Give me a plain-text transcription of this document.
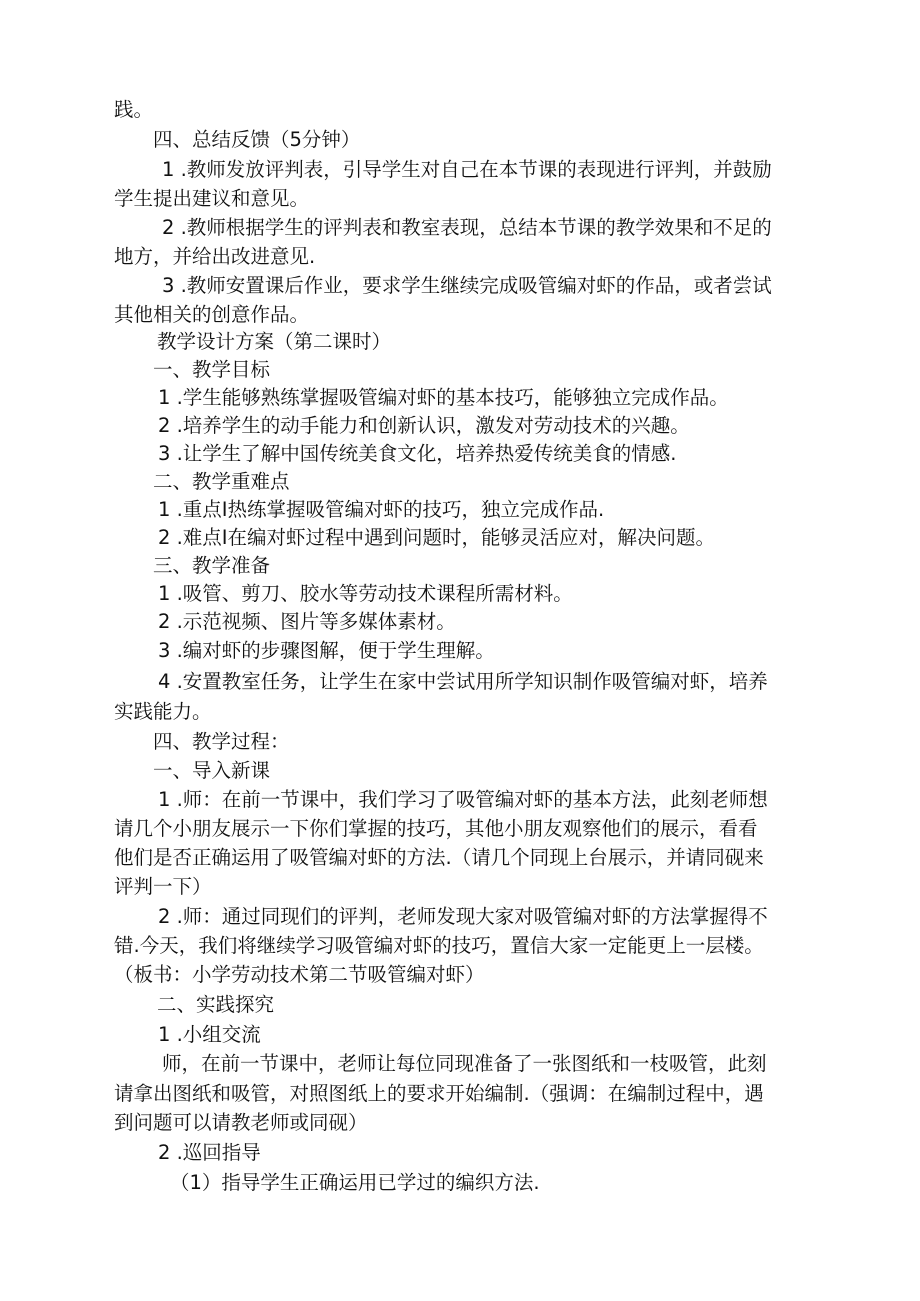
践。
四、总结反馈（5分钟）
1 .教师发放评判表，引导学生对自己在本节课的表现进行评判，并鼓励
学生提出建议和意见。
2 .教师根据学生的评判表和教室表现，总结本节课的教学效果和不足的
地方，并给出改进意见.
3 .教师安置课后作业，要求学生继续完成吸管编对虾的作品，或者尝试
其他相关的创意作品。
教学设计方案（第二课时）
一、教学目标
1 .学生能够熟练掌握吸管编对虾的基本技巧，能够独立完成作品。
2 .培养学生的动手能力和创新认识，激发对劳动技术的兴趣。
3 .让学生了解中国传统美食文化，培养热爱传统美食的情感.
二、教学重难点
1 .重点I热练掌握吸管编对虾的技巧，独立完成作品.
2 .难点I在编对虾过程中遇到问题时，能够灵活应对，解决问题。
三、教学准备
1 .吸管、剪刀、胶水等劳动技术课程所需材料。
2 .示范视频、图片等多媒体素材。
3 .编对虾的步骤图解，便于学生理解。
4 .安置教室任务，让学生在家中尝试用所学知识制作吸管编对虾，培养
实践能力。
四、教学过程：
一、导入新课
1 .师：在前一节课中，我们学习了吸管编对虾的基本方法，此刻老师想
请几个小朋友展示一下你们掌握的技巧，其他小朋友观察他们的展示，看看
他们是否正确运用了吸管编对虾的方法.（请几个同现上台展示，并请同砚来
评判一下）
2 .师：通过同现们的评判，老师发现大家对吸管编对虾的方法掌握得不
错.今天，我们将继续学习吸管编对虾的技巧，置信大家一定能更上一层楼。
（板书：小学劳动技术第二节吸管编对虾）
二、实践探究
1 .小组交流
师，在前一节课中，老师让每位同现准备了一张图纸和一枝吸管，此刻
请拿出图纸和吸管，对照图纸上的要求开始编制.（强调：在编制过程中，遇
到问题可以请教老师或同砚）
2 .巡回指导
（1）指导学生正确运用已学过的编织方法.
